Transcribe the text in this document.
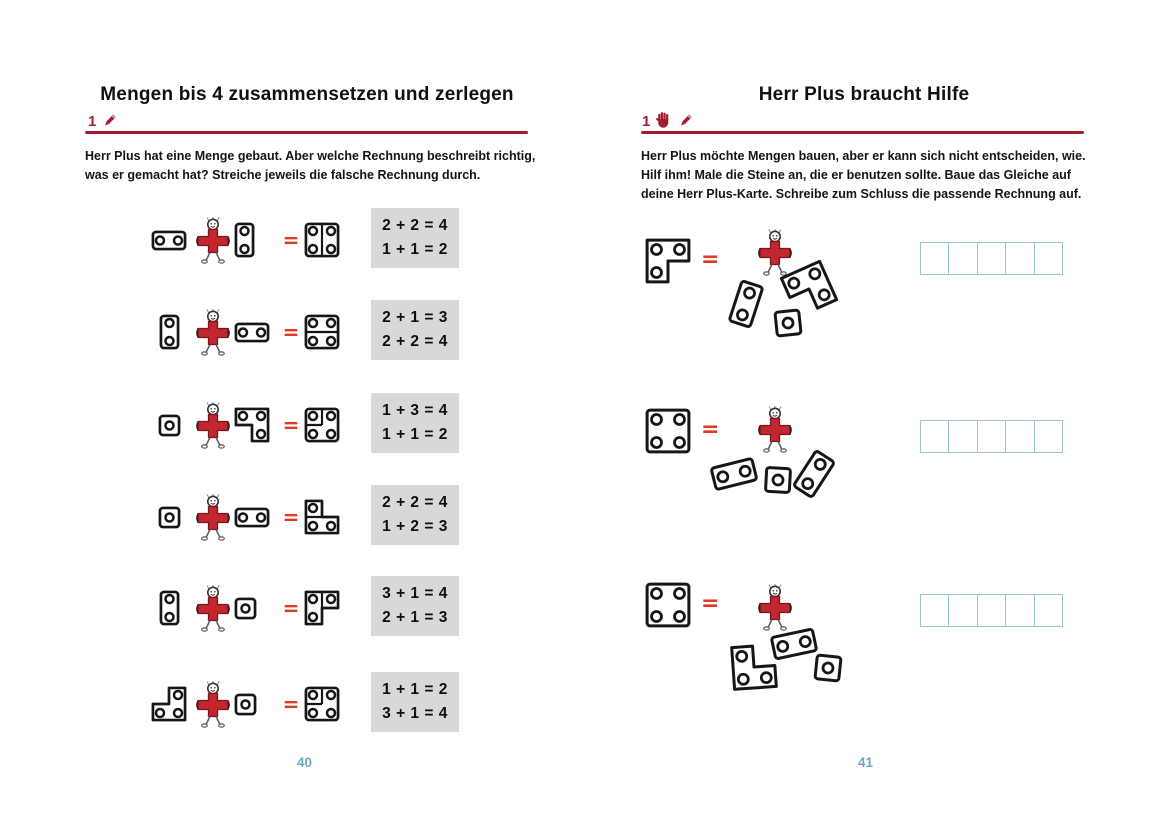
Mengen bis 4 zusammensetzen und zerlegen
1
Herr Plus hat eine Menge gebaut. Aber welche Rechnung beschreibt richtig,
was er gemacht hat? Streiche jeweils die falsche Rechnung durch.
=
2 + 2 = 4
1 + 1 = 2
=
2 + 1 = 3
2 + 2 = 4
=
1 + 3 = 4
1 + 1 = 2
=
2 + 2 = 4
1 + 2 = 3
=
3 + 1 = 4
2 + 1 = 3
=
1 + 1 = 2
3 + 1 = 4
40
Herr Plus braucht Hilfe
1
Herr Plus möchte Mengen bauen, aber er kann sich nicht entscheiden, wie.
Hilf ihm! Male die Steine an, die er benutzen sollte. Baue das Gleiche auf
deine Herr Plus-Karte. Schreibe zum Schluss die passende Rechnung auf.
=
=
=
41
